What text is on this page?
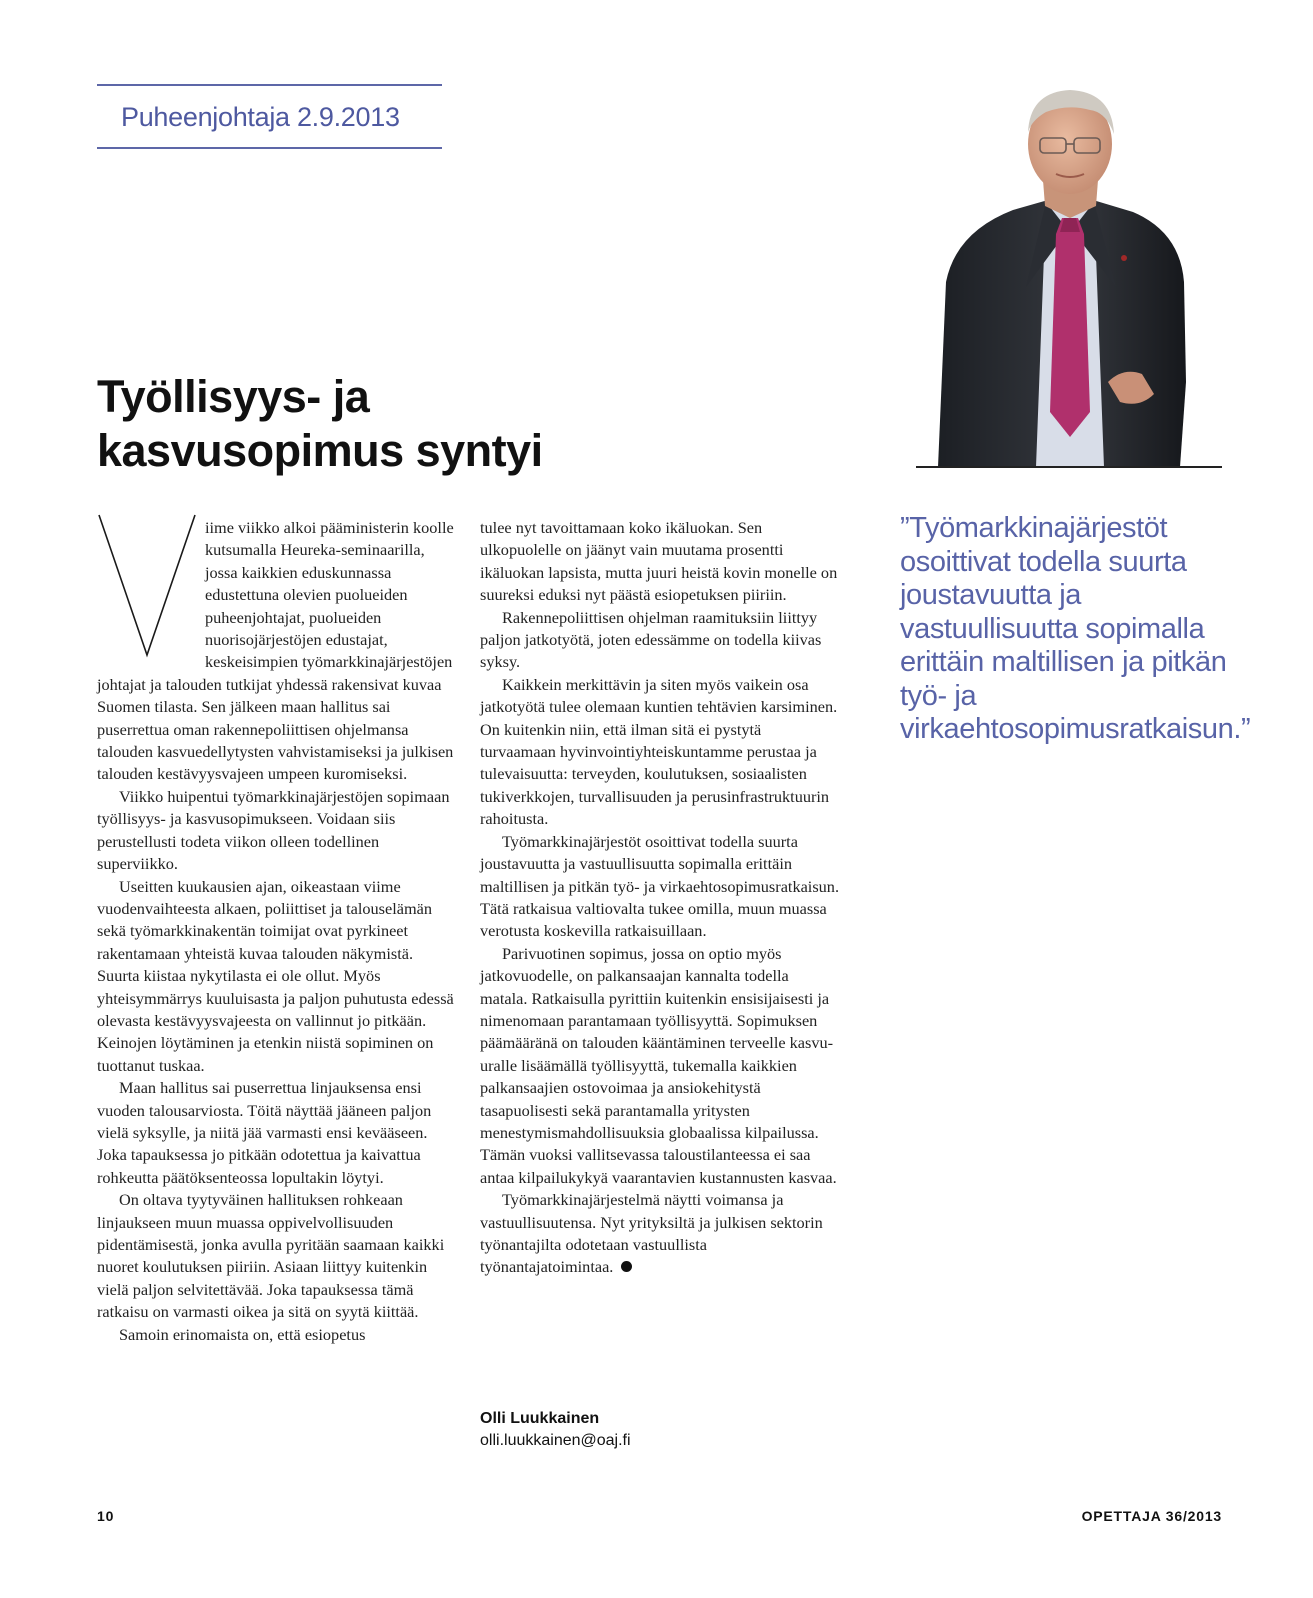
Puheenjohtaja 2.9.2013
Työllisyys- ja
kasvusopimus syntyi

iime viikko alkoi pääministerin koolle kutsumalla Heureka-seminaarilla, jossa kaikkien eduskunnassa edustettuna olevien puolueiden puheenjohtajat, puolueiden nuorisojärjestöjen edustajat, keskeisimpien työmarkkinajärjestöjen johtajat ja talouden tutkijat yhdessä rakensivat kuvaa Suomen tilasta. Sen jälkeen maan hallitus sai puserrettua oman rakennepoliittisen ohjelmansa talouden kasvuedellytysten vahvistamiseksi ja julkisen talouden kestävyysvajeen umpeen kuromiseksi.

Viikko huipentui työmarkkinajärjestöjen sopimaan työllisyys- ja kasvusopimukseen. Voidaan siis perustellusti todeta viikon olleen todellinen superviikko.

Useitten kuukausien ajan, oikeastaan viime vuodenvaihteesta alkaen, poliittiset ja talouselämän sekä työmarkkinakentän toimijat ovat pyrkineet rakentamaan yhteistä kuvaa talouden näkymistä. Suurta kiistaa nykytilasta ei ole ollut. Myös yhteisymmärrys kuuluisasta ja paljon puhutusta edessä olevasta kestävyysvajeesta on vallinnut jo pitkään. Keinojen löytäminen ja etenkin niistä sopiminen on tuottanut tuskaa.

Maan hallitus sai puserrettua linjauksensa ensi vuoden talousarviosta. Töitä näyttää jääneen paljon vielä syksylle, ja niitä jää varmasti ensi kevääseen. Joka tapauksessa jo pitkään odotettua ja kaivattua rohkeutta päätöksenteossa lopultakin löytyi.

On oltava tyytyväinen hallituksen rohkeaan linjaukseen muun muassa oppivelvollisuuden pidentämisestä, jonka avulla pyritään saamaan kaikki nuoret koulutuksen piiriin. Asiaan liittyy kuitenkin vielä paljon selvitettävää. Joka tapauksessa tämä ratkaisu on varmasti oikea ja sitä on syytä kiittää.

Samoin erinomaista on, että esiopetus

tulee nyt tavoittamaan koko ikäluokan. Sen ulkopuolelle on jäänyt vain muutama prosentti ikäluokan lapsista, mutta juuri heistä kovin monelle on suureksi eduksi nyt päästä esiopetuksen piiriin.

Rakennepoliittisen ohjelman raamituksiin liittyy paljon jatkotyötä, joten edessämme on todella kiivas syksy.

Kaikkein merkittävin ja siten myös vaikein osa jatkotyötä tulee olemaan kuntien tehtävien karsiminen. On kuitenkin niin, että ilman sitä ei pystytä turvaamaan hyvinvointiyhteiskuntamme perustaa ja tulevaisuutta: terveyden, koulutuksen, sosiaalisten tukiverkkojen, turvallisuuden ja perusinfrastruktuurin rahoitusta.

Työmarkkinajärjestöt osoittivat todella suurta joustavuutta ja vastuullisuutta sopimalla erittäin maltillisen ja pitkän työ- ja virkaehtosopimusratkaisun. Tätä ratkaisua valtiovalta tukee omilla, muun muassa verotusta koskevilla ratkaisuillaan.

Parivuotinen sopimus, jossa on optio myös jatkovuodelle, on palkansaajan kannalta todella matala. Ratkaisulla pyrittiin kuitenkin ensisijaisesti ja nimenomaan parantamaan työllisyyttä. Sopimuksen päämääränä on talouden kääntäminen terveelle kasvu-uralle lisäämällä työllisyyttä, tukemalla kaikkien palkansaajien ostovoimaa ja ansiokehitystä tasapuolisesti sekä parantamalla yritysten menestymismahdollisuuksia globaalissa kilpailussa. Tämän vuoksi vallitsevassa taloustilanteessa ei saa antaa kilpailukykyä vaarantavien kustannusten kasvaa.

Työmarkkinajärjestelmä näytti voimansa ja vastuullisuutensa. Nyt yrityksiltä ja julkisen sektorin työnantajilta odotetaan vastuullista työnantajatoimintaa.

Olli Luukkainen
olli.luukkainen@oaj.fi

”Työmarkkinajärjestöt osoittivat todella suurta joustavuutta ja vastuullisuutta sopimalla erittäin maltillisen ja pitkän työ- ja virkaehtosopimusratkaisun.”

10	OPETTAJA 36/2013
